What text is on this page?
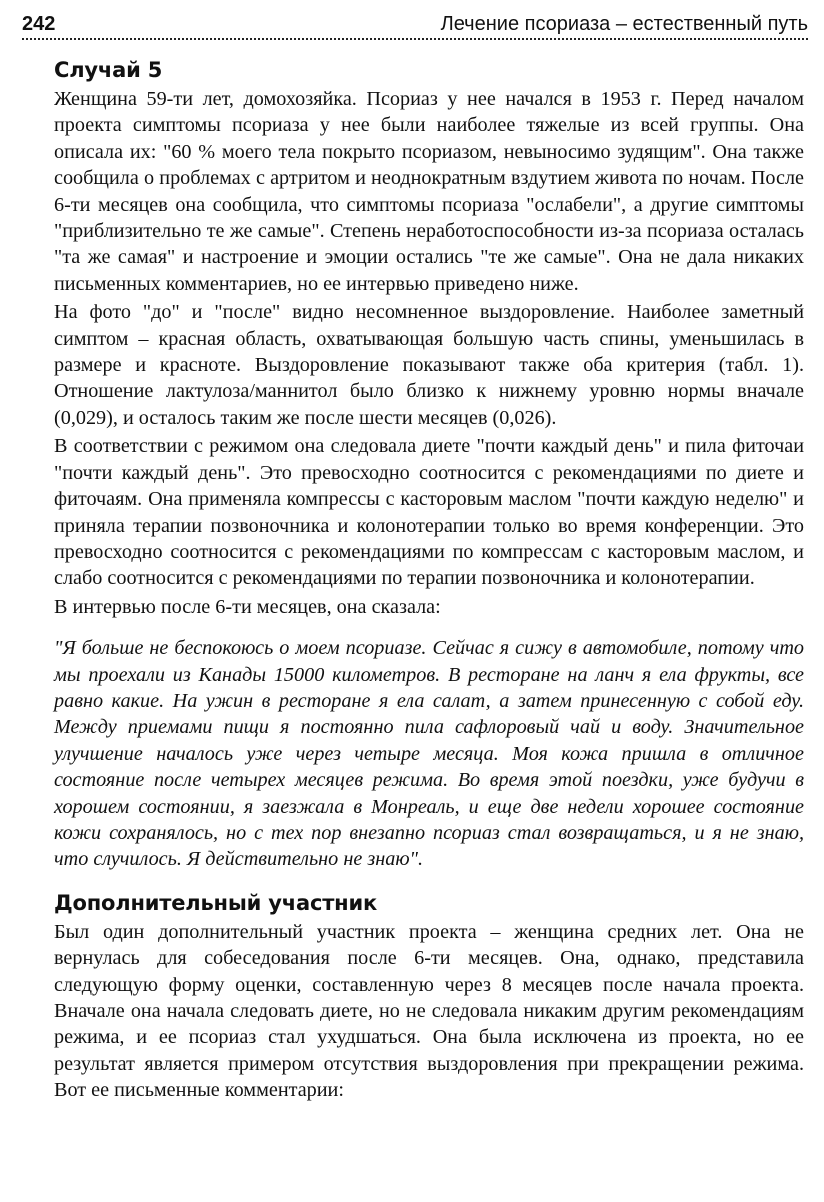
242	Лечение псориаза – естественный путь
Случай 5

Женщина 59-ти лет, домохозяйка. Псориаз у нее начался в 1953 г. Перед началом проекта симптомы псориаза у нее были наиболее тяжелые из всей группы. Она описала их: "60 % моего тела покрыто псориазом, невыносимо зудящим". Она также сообщила о проблемах с артритом и неоднократным вздутием живота по ночам. После 6-ти месяцев она сообщила, что симптомы псориаза "ослабели", а другие симптомы "приблизительно те же самые". Степень неработоспособности из-за псориаза осталась "та же самая" и настроение и эмоции остались "те же самые". Она не дала никаких письменных комментариев, но ее интервью приведено ниже.

На фото "до" и "после" видно несомненное выздоровление. Наиболее заметный симптом – красная область, охватывающая большую часть спины, уменьшилась в размере и красноте. Выздоровление показывают также оба критерия (табл. 1). Отношение лактулоза/маннитол было близко к нижнему уровню нормы вначале (0,029), и осталось таким же после шести месяцев (0,026).

В соответствии с режимом она следовала диете "почти каждый день" и пила фиточаи "почти каждый день". Это превосходно соотносится с рекомендациями по диете и фиточаям. Она применяла компрессы с касторовым маслом "почти каждую неделю" и приняла терапии позвоночника и колонотерапии только во время конференции. Это превосходно соотносится с рекомендациями по компрессам с касторовым маслом, и слабо соотносится с рекомендациями по терапии позвоночника и колонотерапии.

В интервью после 6-ти месяцев, она сказала:

"Я больше не беспокоюсь о моем псориазе. Сейчас я сижу в автомобиле, потому что мы проехали из Канады 15000 километров. В ресторане на ланч я ела фрукты, все равно какие. На ужин в ресторане я ела салат, а затем принесенную с собой еду. Между приемами пищи я постоянно пила сафлоровый чай и воду. Значительное улучшение началось уже через четыре месяца. Моя кожа пришла в отличное состояние после четырех месяцев режима. Во время этой поездки, уже будучи в хорошем состоянии, я заезжала в Монреаль, и еще две недели хорошее состояние кожи сохранялось, но с тех пор внезапно псориаз стал возвращаться, и я не знаю, что случилось. Я действительно не знаю".

Дополнительный участник

Был один дополнительный участник проекта – женщина средних лет. Она не вернулась для собеседования после 6-ти месяцев. Она, однако, представила следующую форму оценки, составленную через 8 месяцев после начала проекта. Вначале она начала следовать диете, но не следовала никаким другим рекомендациям режима, и ее псориаз стал ухудшаться. Она была исключена из проекта, но ее результат является примером отсутствия выздоровления при прекращении режима. Вот ее письменные комментарии:
